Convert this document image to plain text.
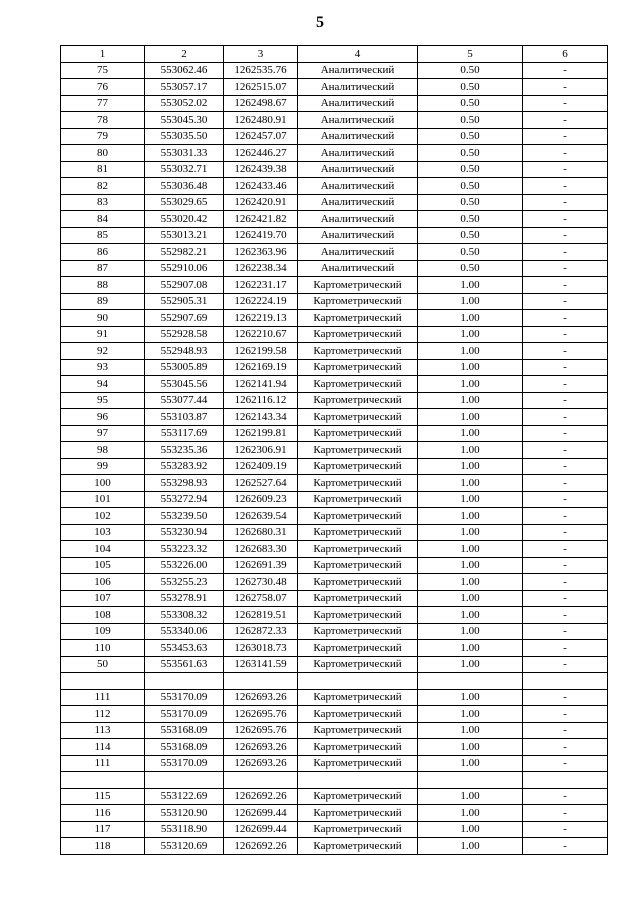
5
1	2	3	4	5	6
75	553062.46	1262535.76	Аналитический	0.50	-
76	553057.17	1262515.07	Аналитический	0.50	-
77	553052.02	1262498.67	Аналитический	0.50	-
78	553045.30	1262480.91	Аналитический	0.50	-
79	553035.50	1262457.07	Аналитический	0.50	-
80	553031.33	1262446.27	Аналитический	0.50	-
81	553032.71	1262439.38	Аналитический	0.50	-
82	553036.48	1262433.46	Аналитический	0.50	-
83	553029.65	1262420.91	Аналитический	0.50	-
84	553020.42	1262421.82	Аналитический	0.50	-
85	553013.21	1262419.70	Аналитический	0.50	-
86	552982.21	1262363.96	Аналитический	0.50	-
87	552910.06	1262238.34	Аналитический	0.50	-
88	552907.08	1262231.17	Картометрический	1.00	-
89	552905.31	1262224.19	Картометрический	1.00	-
90	552907.69	1262219.13	Картометрический	1.00	-
91	552928.58	1262210.67	Картометрический	1.00	-
92	552948.93	1262199.58	Картометрический	1.00	-
93	553005.89	1262169.19	Картометрический	1.00	-
94	553045.56	1262141.94	Картометрический	1.00	-
95	553077.44	1262116.12	Картометрический	1.00	-
96	553103.87	1262143.34	Картометрический	1.00	-
97	553117.69	1262199.81	Картометрический	1.00	-
98	553235.36	1262306.91	Картометрический	1.00	-
99	553283.92	1262409.19	Картометрический	1.00	-
100	553298.93	1262527.64	Картометрический	1.00	-
101	553272.94	1262609.23	Картометрический	1.00	-
102	553239.50	1262639.54	Картометрический	1.00	-
103	553230.94	1262680.31	Картометрический	1.00	-
104	553223.32	1262683.30	Картометрический	1.00	-
105	553226.00	1262691.39	Картометрический	1.00	-
106	553255.23	1262730.48	Картометрический	1.00	-
107	553278.91	1262758.07	Картометрический	1.00	-
108	553308.32	1262819.51	Картометрический	1.00	-
109	553340.06	1262872.33	Картометрический	1.00	-
110	553453.63	1263018.73	Картометрический	1.00	-
50	553561.63	1263141.59	Картометрический	1.00	-

111	553170.09	1262693.26	Картометрический	1.00	-
112	553170.09	1262695.76	Картометрический	1.00	-
113	553168.09	1262695.76	Картометрический	1.00	-
114	553168.09	1262693.26	Картометрический	1.00	-
111	553170.09	1262693.26	Картометрический	1.00	-

115	553122.69	1262692.26	Картометрический	1.00	-
116	553120.90	1262699.44	Картометрический	1.00	-
117	553118.90	1262699.44	Картометрический	1.00	-
118	553120.69	1262692.26	Картометрический	1.00	-
